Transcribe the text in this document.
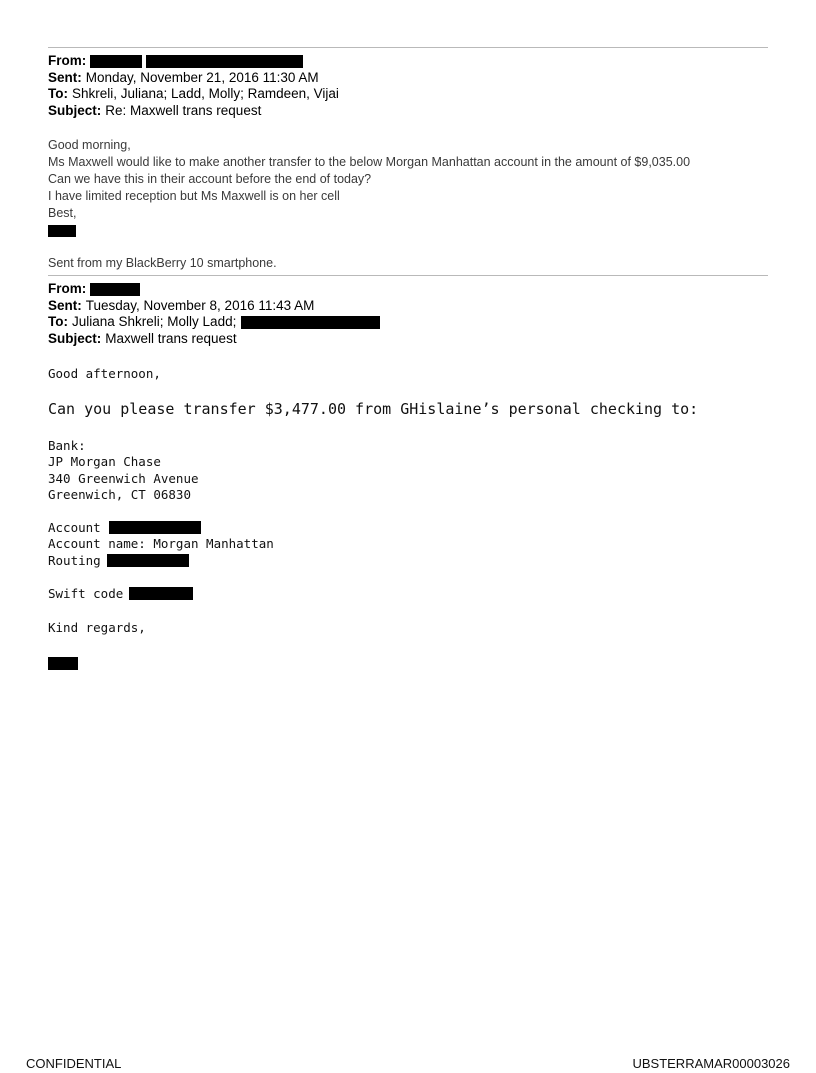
From:
Sent: Monday, November 21, 2016 11:30 AM
To: Shkreli, Juliana; Ladd, Molly; Ramdeen, Vijai
Subject: Re: Maxwell trans request
Good morning,
Ms Maxwell would like to make another transfer to the below Morgan Manhattan account in the amount of $9,035.00
Can we have this in their account before the end of today?
I have limited reception but Ms Maxwell is on her cell
Best,
Sent from my BlackBerry 10 smartphone.
From:
Sent: Tuesday, November 8, 2016 11:43 AM
To: Juliana Shkreli; Molly Ladd;
Subject: Maxwell trans request
Good afternoon,
Can you please transfer $3,477.00 from GHislaine’s personal checking to:
Bank:
JP Morgan Chase
340 Greenwich Avenue
Greenwich, CT 06830
Account
Account name: Morgan Manhattan
Routing
Swift code
Kind regards,
CONFIDENTIAL	UBSTERRAMAR00003026
